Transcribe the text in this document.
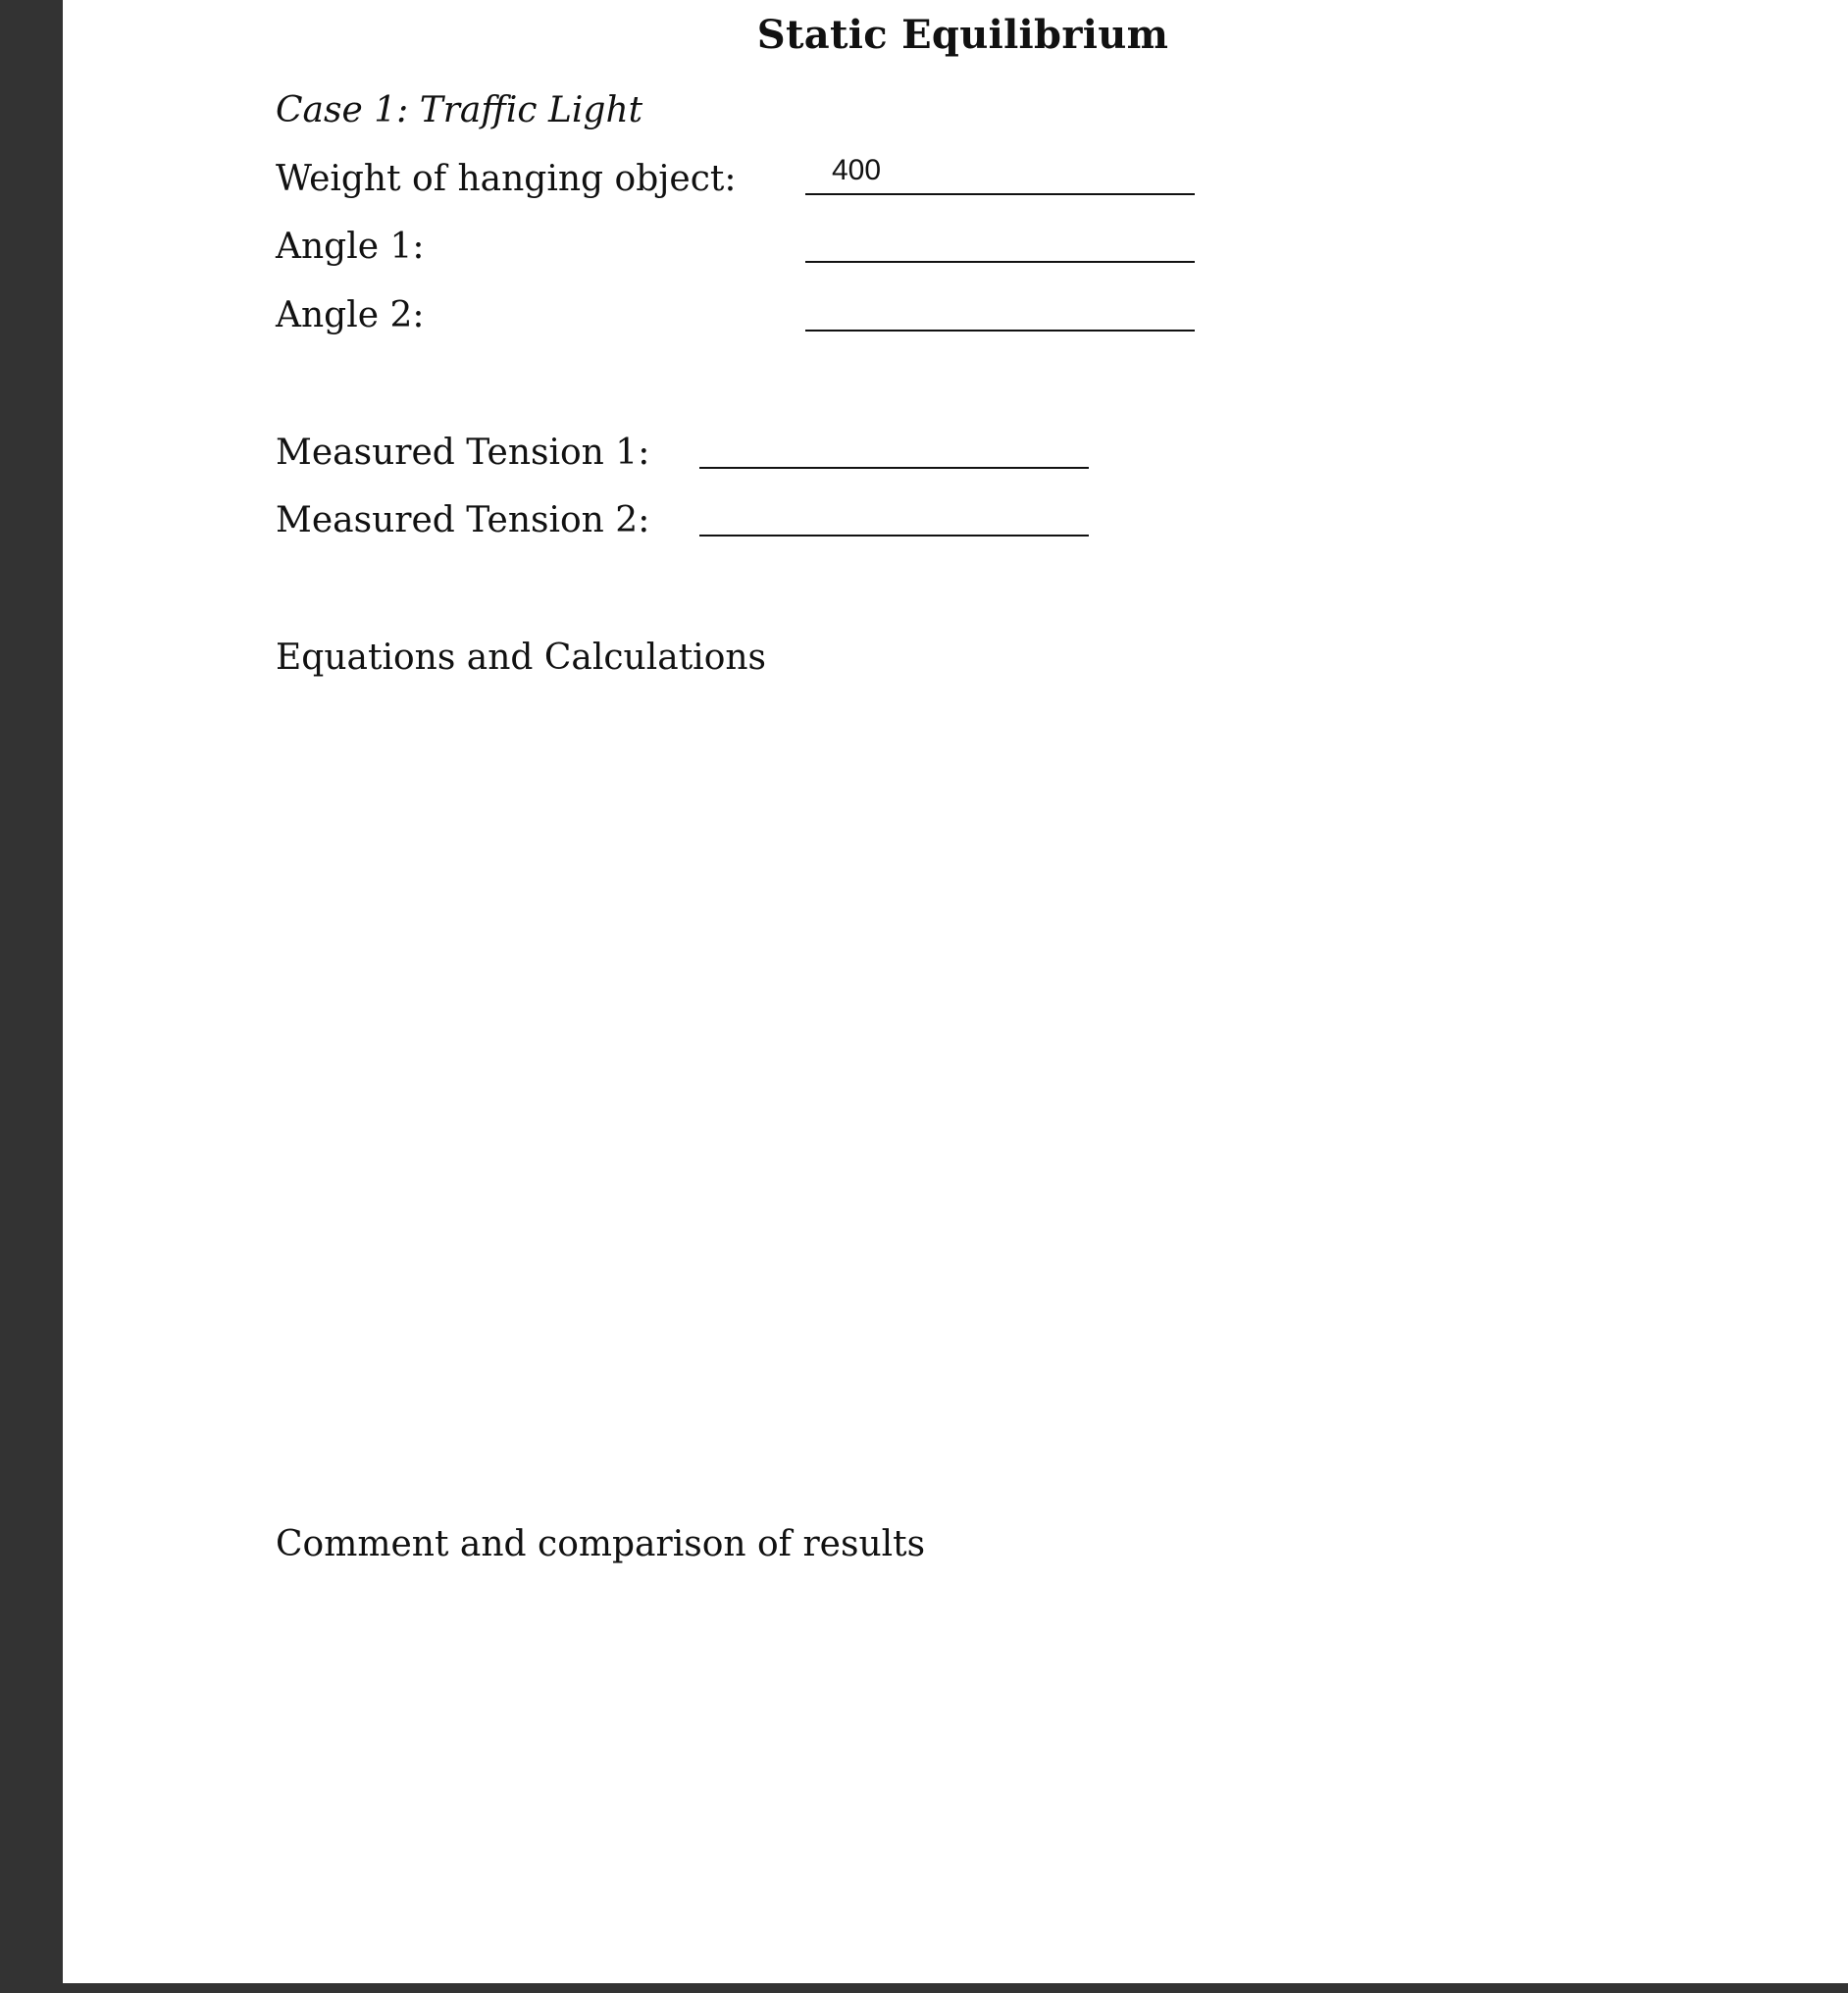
Static Equilibrium
Case 1: Traffic Light
Weight of hanging object:
400
Angle 1:
Angle 2:
Measured Tension 1:
Measured Tension 2:
Equations and Calculations
Comment and comparison of results
